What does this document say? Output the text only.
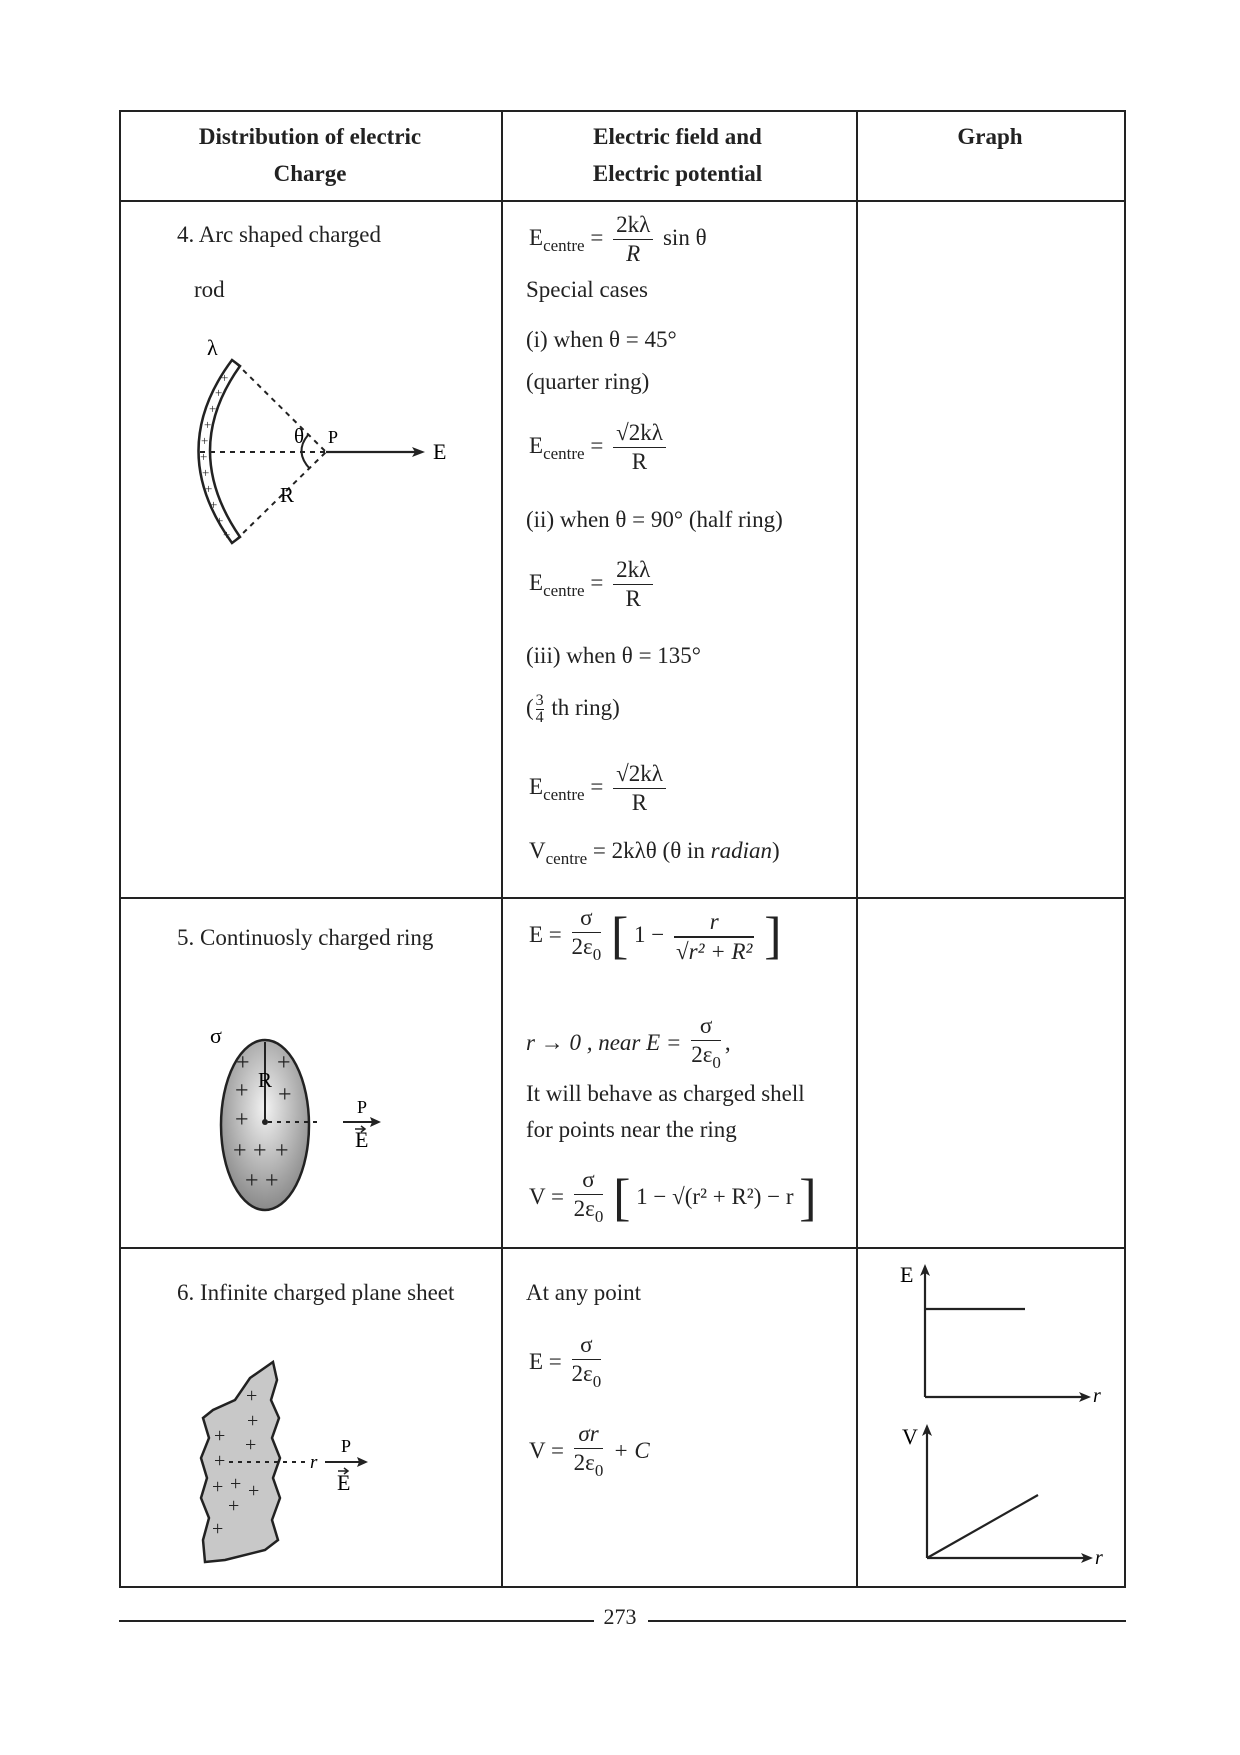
Distribution of electric
Charge
Electric field and
Electric potential
Graph
4. Arc shaped charged
rod
+
+
+
+
+
+
+
+
+
+
+
λ
θ P
E
R
$E_{centre} = \frac{2k\lambda}{R}$ sin θ
Special cases
(i) when θ = 45°
(quarter ring)
$E_{centre} = \frac{√2k\lambda}{R}$
(ii) when θ = 90° (half ring)
$E_{centre} = \frac{2k\lambda}{R}$
(iii) when θ = 135°
( $\frac{3}{4}$ th ring)
$E_{centre} = \frac{√2k\lambda}{R}$
$V_{centre} = 2k\lambda\theta$ (θ in radian)
5. Continuosly charged ring
+ +
+ +
+
+ + +
+ +
σ
R
P
E
$E = \frac{\sigma}{2\varepsilon_0}$ [ $1 - \frac{r}{\text{√r² + R²}}$ ]
r → 0 , near $E = \frac{\sigma}{2\varepsilon_0}$ ,
It will behave as charged shell
for points near the ring
$V = \frac{\sigma}{2\varepsilon_0}$ [ 1 − √(r² + R²) − r ]
6. Infinite charged plane sheet
+
+
+ +
+
+ + +
+
+
r
P
E
At any point
$E = \frac{\sigma}{2\varepsilon_0}$
$V = \frac{\sigma r}{2\varepsilon_0} + C$
E
r
V
r
273
